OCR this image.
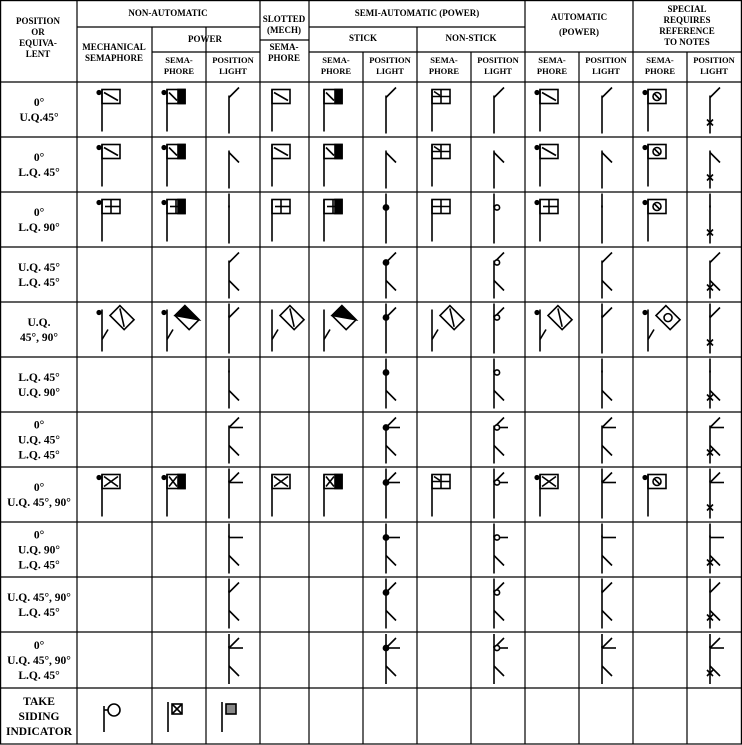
POSITION
OR
EQUIVA-
LENT
NON-AUTOMATIC
MECHANICAL
SEMAPHORE
POWER
SLOTTED
(MECH)
SEMA-
PHORE
SEMI-AUTOMATIC (POWER)
STICK	NON-STICK
AUTOMATIC
(POWER)
SPECIAL
REQUIRES
REFERENCE
TO NOTES
SEMA-
PHORE
POSITION
LIGHT
SEMA-
PHORE
POSITION
LIGHT
SEMA-
PHORE
POSITION
LIGHT
SEMA-
PHORE
POSITION
LIGHT
SEMA-
PHORE
POSITION
LIGHT
0°
U.Q.45°
0°
L.Q. 45°
0°
L.Q. 90°
U.Q. 45°
L.Q. 45°
U.Q.
45°, 90°
L.Q. 45°
U.Q. 90°
0°
U.Q. 45°
L.Q. 45°
0°
U.Q. 45°, 90°
0°
U.Q. 90°
L.Q. 45°
U.Q. 45°, 90°
L.Q. 45°
0°
U.Q. 45°, 90°
L.Q. 45°
TAKE
SIDING
INDICATOR
